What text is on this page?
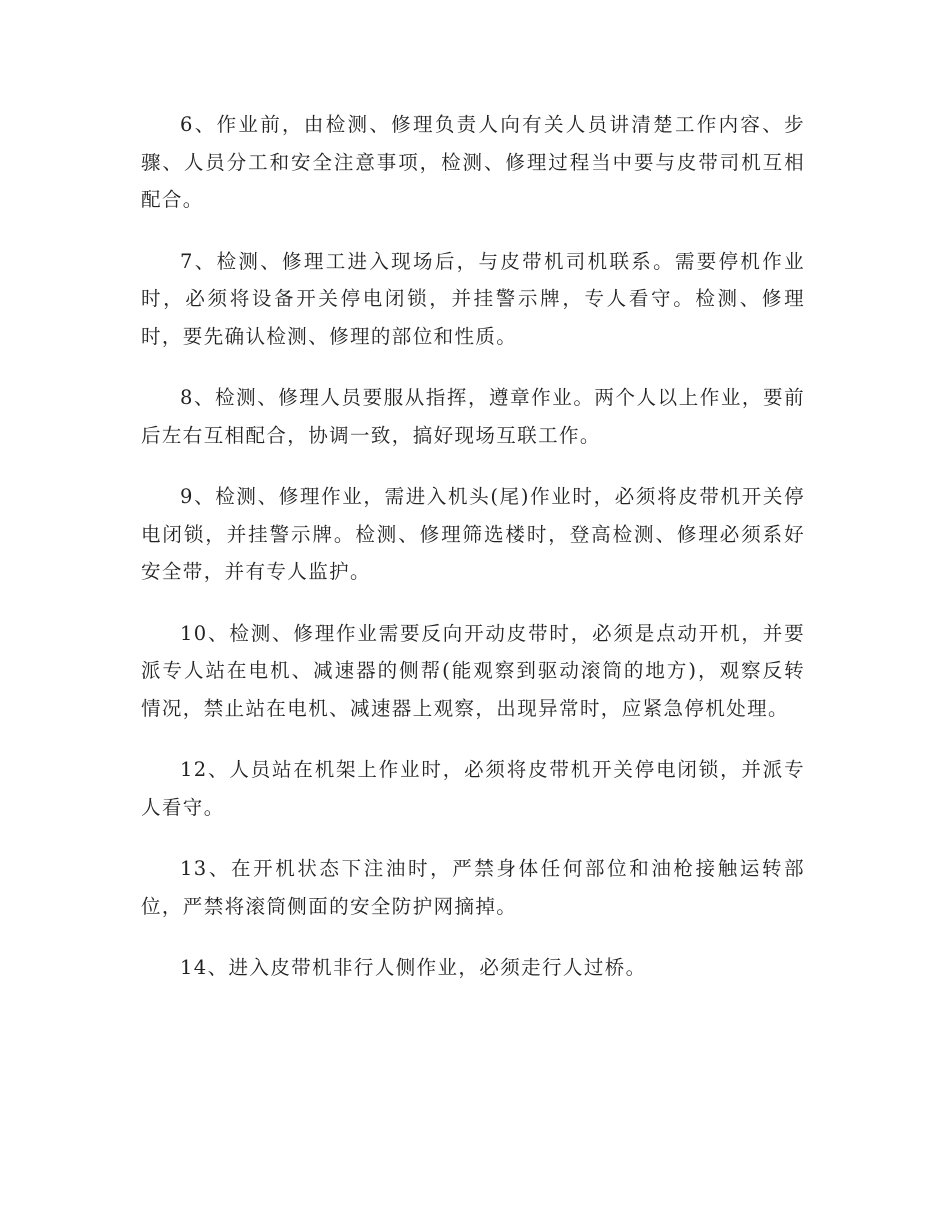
6、作业前，由检测、修理负责人向有关人员讲清楚工作内容、步骤、人员分工和安全注意事项，检测、修理过程当中要与皮带司机互相配合。

7、检测、修理工进入现场后，与皮带机司机联系。需要停机作业时，必须将设备开关停电闭锁，并挂警示牌，专人看守。检测、修理时，要先确认检测、修理的部位和性质。

8、检测、修理人员要服从指挥，遵章作业。两个人以上作业，要前后左右互相配合，协调一致，搞好现场互联工作。

9、检测、修理作业，需进入机头(尾)作业时，必须将皮带机开关停电闭锁，并挂警示牌。检测、修理筛选楼时，登高检测、修理必须系好安全带，并有专人监护。

10、检测、修理作业需要反向开动皮带时，必须是点动开机，并要派专人站在电机、减速器的侧帮(能观察到驱动滚筒的地方)，观察反转情况，禁止站在电机、减速器上观察，出现异常时，应紧急停机处理。

12、人员站在机架上作业时，必须将皮带机开关停电闭锁，并派专人看守。

13、在开机状态下注油时，严禁身体任何部位和油枪接触运转部位，严禁将滚筒侧面的安全防护网摘掉。

14、进入皮带机非行人侧作业，必须走行人过桥。
